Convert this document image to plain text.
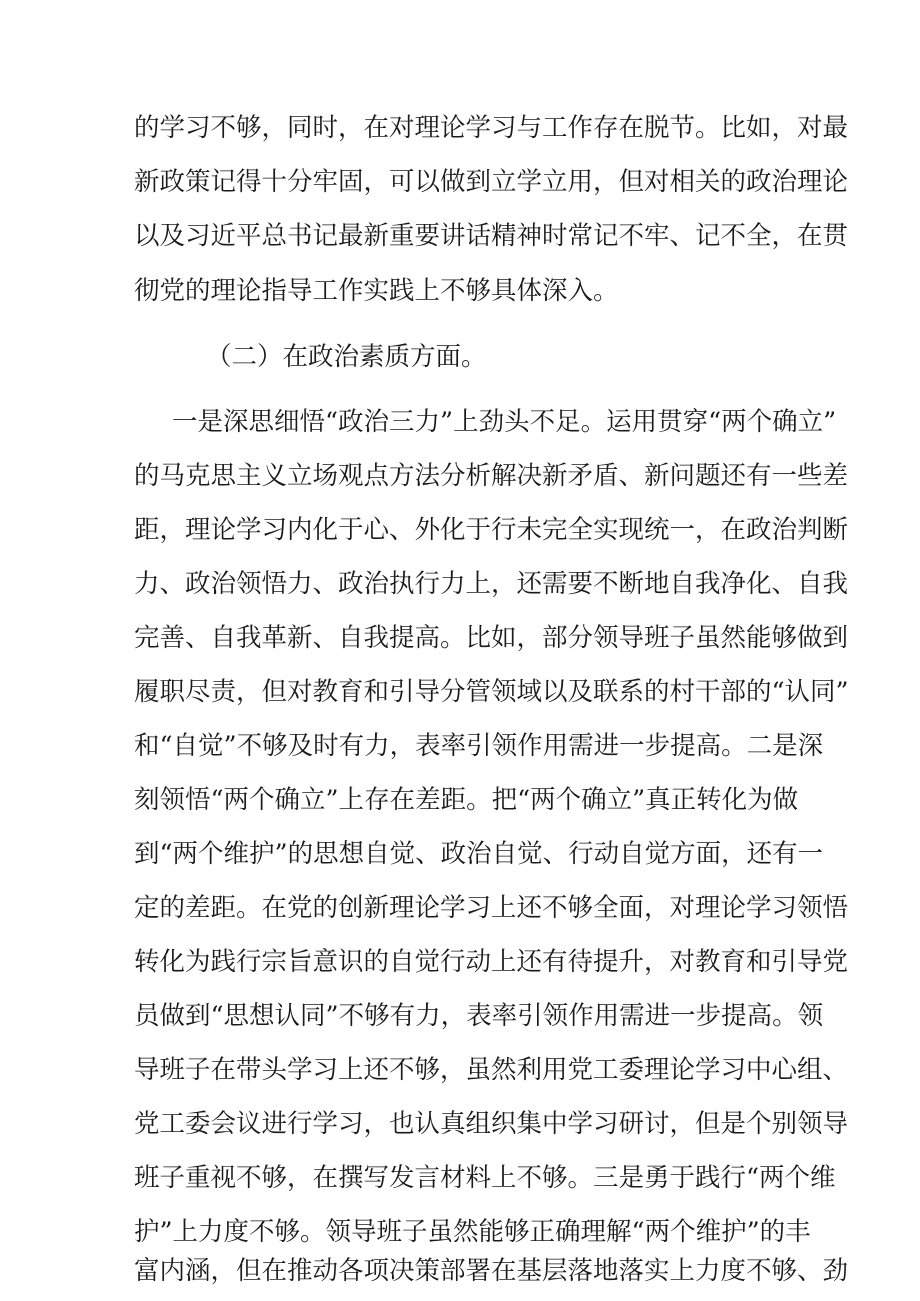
的学习不够，同时，在对理论学习与工作存在脱节。比如，对最
新政策记得十分牢固，可以做到立学立用，但对相关的政治理论
以及习近平总书记最新重要讲话精神时常记不牢、记不全，在贯
彻党的理论指导工作实践上不够具体深入。
（二）在政治素质方面。
一是深思细悟“政治三力”上劲头不足。运用贯穿“两个确立”
的马克思主义立场观点方法分析解决新矛盾、新问题还有一些差
距，理论学习内化于心、外化于行未完全实现统一，在政治判断
力、政治领悟力、政治执行力上，还需要不断地自我净化、自我
完善、自我革新、自我提高。比如，部分领导班子虽然能够做到
履职尽责，但对教育和引导分管领域以及联系的村干部的“认同”
和“自觉”不够及时有力，表率引领作用需进一步提高。二是深
刻领悟“两个确立”上存在差距。把“两个确立”真正转化为做
到“两个维护”的思想自觉、政治自觉、行动自觉方面，还有一
定的差距。在党的创新理论学习上还不够全面，对理论学习领悟
转化为践行宗旨意识的自觉行动上还有待提升，对教育和引导党
员做到“思想认同”不够有力，表率引领作用需进一步提高。领
导班子在带头学习上还不够，虽然利用党工委理论学习中心组、
党工委会议进行学习，也认真组织集中学习研讨，但是个别领导
班子重视不够，在撰写发言材料上不够。三是勇于践行“两个维
护”上力度不够。领导班子虽然能够正确理解“两个维护”的丰
富内涵，但在推动各项决策部署在基层落地落实上力度不够、劲
